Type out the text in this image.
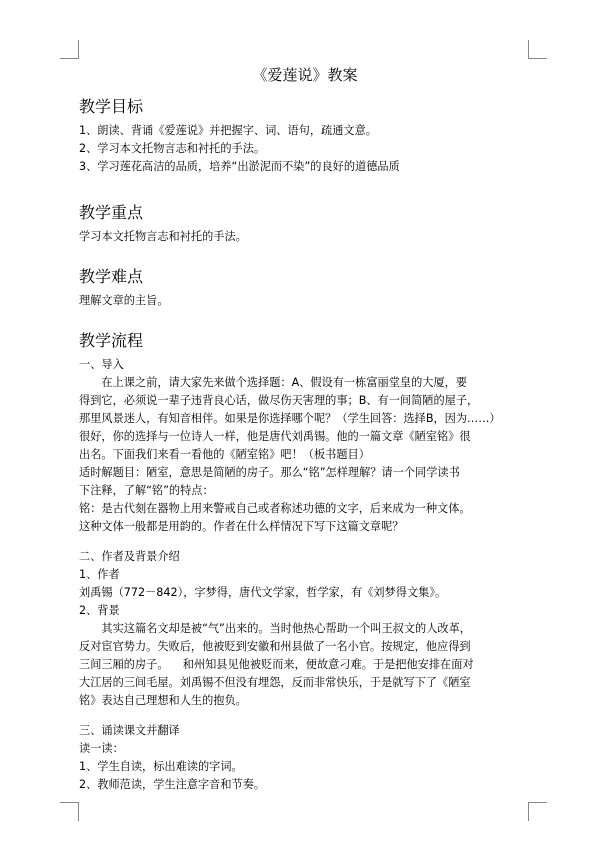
《爱莲说》教案
教学目标
1、朗读、背诵《爱莲说》并把握字、词、语句，疏通文意。
2、学习本文托物言志和衬托的手法。
3、学习莲花高洁的品质，培养“出淤泥而不染”的良好的道德品质
教学重点
学习本文托物言志和衬托的手法。
教学难点
理解文章的主旨。
教学流程
一、导入
在上课之前，请大家先来做个选择题：A、假设有一栋富丽堂皇的大厦，要
得到它，必须说一辈子违背良心话，做尽伤天害理的事；B、有一间简陋的屋子，
那里风景迷人，有知音相伴。如果是你选择哪个呢？（学生回答：选择B，因为……）
很好，你的选择与一位诗人一样，他是唐代刘禹锡。他的一篇文章《陋室铭》很
出名。下面我们来看一看他的《陋室铭》吧！（板书题目）
适时解题目：陋室，意思是简陋的房子。那么“铭”怎样理解？请一个同学读书
下注释，了解“铭”的特点：
铭：是古代刻在器物上用来警戒自己或者称述功德的文字，后来成为一种文体。
这种文体一般都是用韵的。作者在什么样情况下写下这篇文章呢？
二、作者及背景介绍
1、作者
刘禹锡（772－842），字梦得，唐代文学家，哲学家，有《刘梦得文集》。
2、背景
其实这篇名文却是被“气”出来的。当时他热心帮助一个叫王叔文的人改革，
反对宦官势力。失败后，他被贬到安徽和州县做了一名小官。按规定，他应得到
三间三厢的房子。    和州知县见他被贬而来，便故意刁难。于是把他安排在面对
大江居的三间毛屋。刘禹锡不但没有埋怨，反而非常快乐，于是就写下了《陋室
铭》表达自己理想和人生的抱负。
三、诵读课文并翻译
读一读：
1、学生自读，标出难读的字词。
2、教师范读，学生注意字音和节奏。
